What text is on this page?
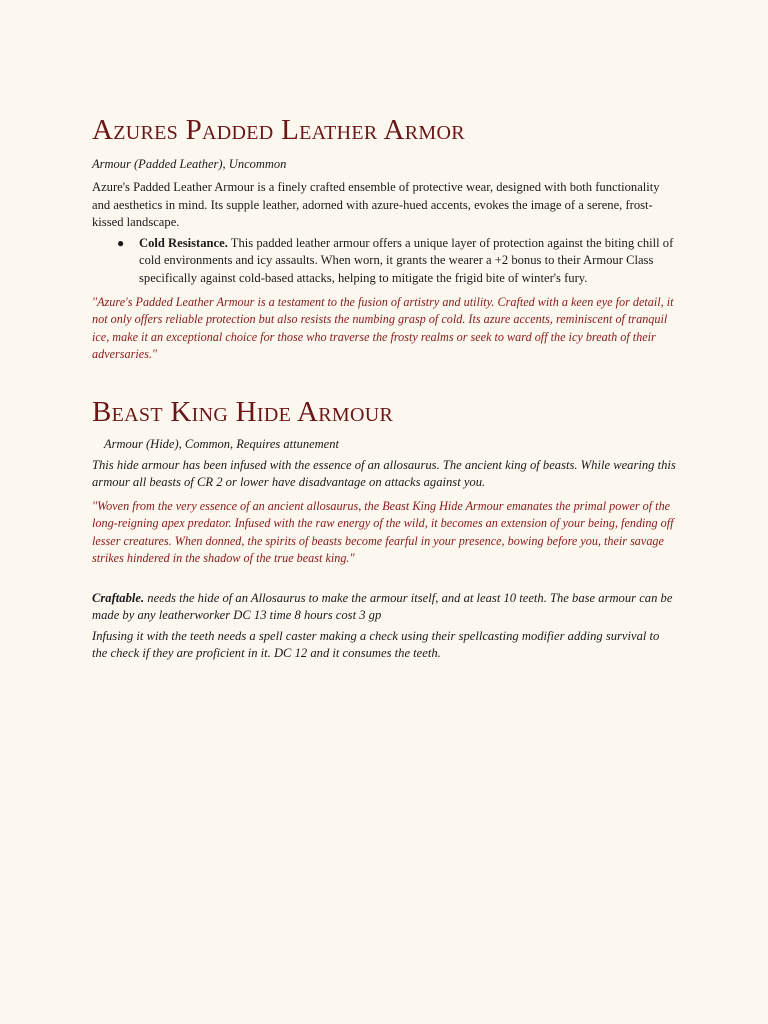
Azures Padded Leather Armor

Armour (Padded Leather), Uncommon

Azure's Padded Leather Armour is a finely crafted ensemble of protective wear, designed with both functionality and aesthetics in mind. Its supple leather, adorned with azure-hued accents, evokes the image of a serene, frost-kissed landscape.

● Cold Resistance. This padded leather armour offers a unique layer of protection against the biting chill of cold environments and icy assaults. When worn, it grants the wearer a +2 bonus to their Armour Class specifically against cold-based attacks, helping to mitigate the frigid bite of winter's fury.

"Azure's Padded Leather Armour is a testament to the fusion of artistry and utility. Crafted with a keen eye for detail, it not only offers reliable protection but also resists the numbing grasp of cold. Its azure accents, reminiscent of tranquil ice, make it an exceptional choice for those who traverse the frosty realms or seek to ward off the icy breath of their adversaries."

Beast King Hide Armour

Armour (Hide), Common, Requires attunement

This hide armour has been infused with the essence of an allosaurus. The ancient king of beasts. While wearing this armour all beasts of CR 2 or lower have disadvantage on attacks against you.

"Woven from the very essence of an ancient allosaurus, the Beast King Hide Armour emanates the primal power of the long-reigning apex predator. Infused with the raw energy of the wild, it becomes an extension of your being, fending off lesser creatures. When donned, the spirits of beasts become fearful in your presence, bowing before you, their savage strikes hindered in the shadow of the true beast king."

Craftable. needs the hide of an Allosaurus to make the armour itself, and at least 10 teeth. The base armour can be made by any leatherworker DC 13 time 8 hours cost 3 gp

Infusing it with the teeth needs a spell caster making a check using their spellcasting modifier adding survival to the check if they are proficient in it. DC 12 and it consumes the teeth.
